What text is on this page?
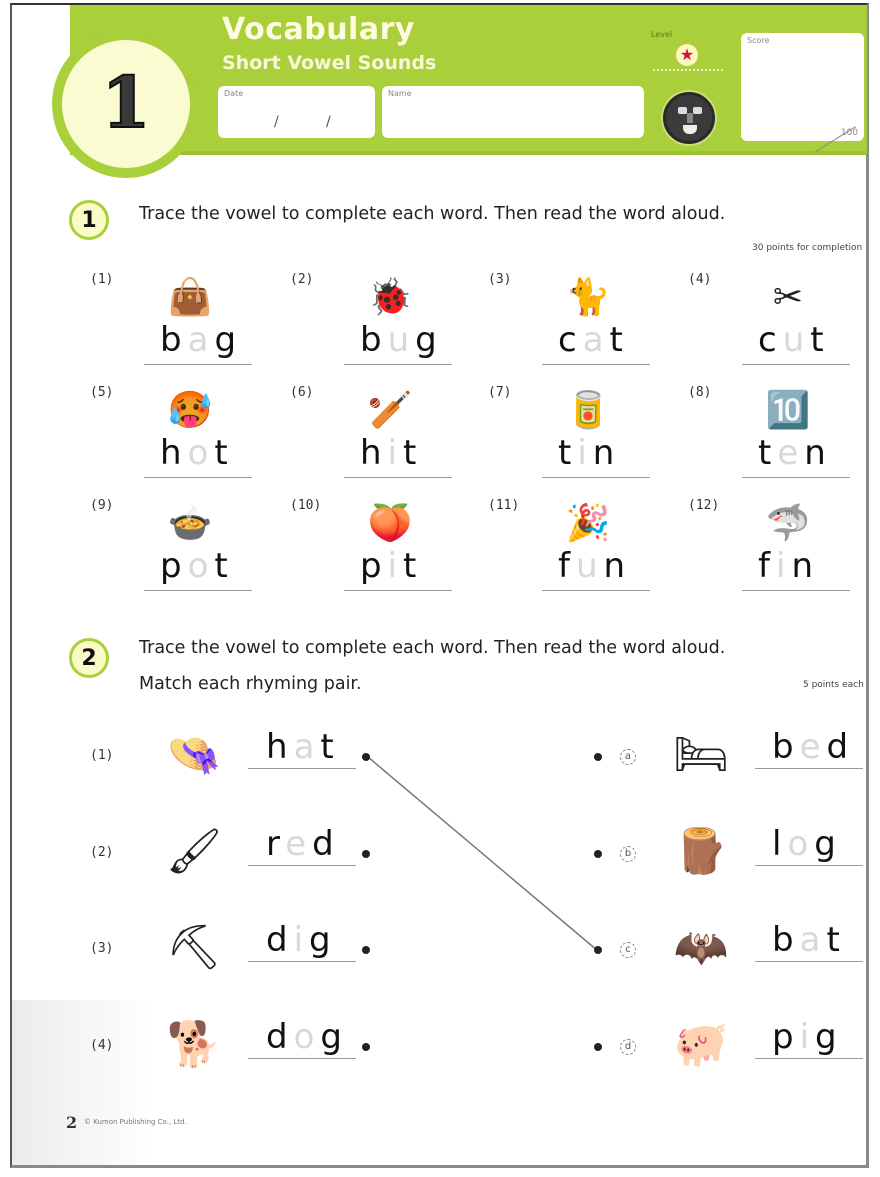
1
Vocabulary
Short Vowel Sounds
Date
/	/
Name
Level
★
Score
100
1	Trace the vowel to complete each word. Then read the word aloud.
30 points for completion
(1) 👜
bag
(2) 🐞
bug
(3) 🐈
cat
(4)	✂
cut
(5) 🥵
hot
(6) 🏏
hit
(7) 🥫
tin
(8) 🔟
ten
(9) 🍲
pot
(10) 🍑
pit
(11) 🎉
fun
(12) 🦈
fin
2	Trace the vowel to complete each word. Then read the word aloud.
Match each rhyming pair.	5 points each
(1)	👒	hat
(2)	🖌	red
(3)	⛏	dig
(4)	🐕	dog
a 🛏	bed
b 🪵	log
c 🦇	bat
d 🐖	pig
2 © Kumon Publishing Co., Ltd.
